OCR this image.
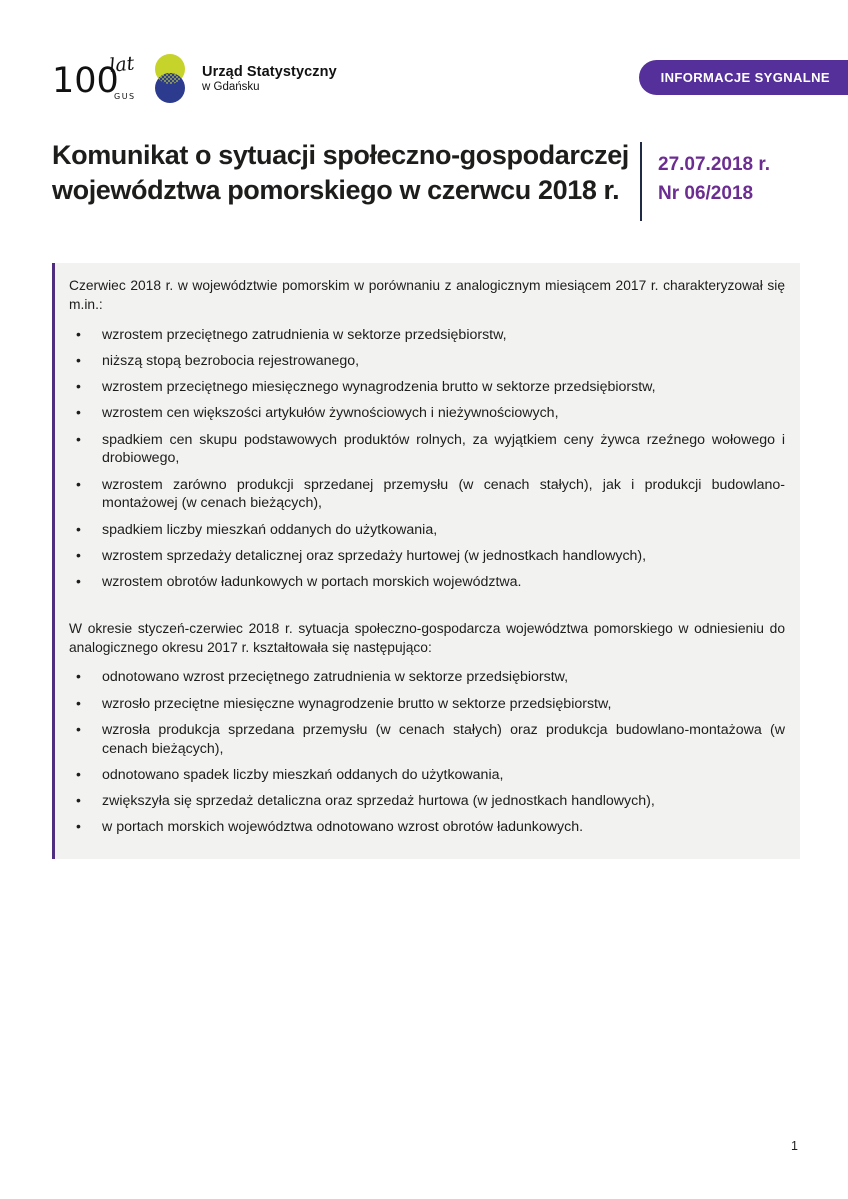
100
lat
GUS
Urząd Statystyczny
w Gdańsku
INFORMACJE SYGNALNE
Komunikat o sytuacji społeczno-gospodarczej
województwa pomorskiego w czerwcu 2018 r.
27.07.2018 r.
Nr 06/2018

Czerwiec 2018 r. w województwie pomorskim w porównaniu z analogicznym miesiącem 2017 r. charakteryzował się m.in.:

• wzrostem przeciętnego zatrudnienia w sektorze przedsiębiorstw,
• niższą stopą bezrobocia rejestrowanego,
• wzrostem przeciętnego miesięcznego wynagrodzenia brutto w sektorze przedsiębiorstw,
• wzrostem cen większości artykułów żywnościowych i nieżywnościowych,
• spadkiem cen skupu podstawowych produktów rolnych, za wyjątkiem ceny żywca rzeźnego wołowego i drobiowego,
• wzrostem zarówno produkcji sprzedanej przemysłu (w cenach stałych), jak i produkcji budowlano-montażowej (w cenach bieżących),
• spadkiem liczby mieszkań oddanych do użytkowania,
• wzrostem sprzedaży detalicznej oraz sprzedaży hurtowej (w jednostkach handlowych),
• wzrostem obrotów ładunkowych w portach morskich województwa.

W okresie styczeń-czerwiec 2018 r. sytuacja społeczno-gospodarcza województwa pomorskiego w odniesieniu do analogicznego okresu 2017 r. kształtowała się następująco:

• odnotowano wzrost przeciętnego zatrudnienia w sektorze przedsiębiorstw,
• wzrosło przeciętne miesięczne wynagrodzenie brutto w sektorze przedsiębiorstw,
• wzrosła produkcja sprzedana przemysłu (w cenach stałych) oraz produkcja budowlano-montażowa (w cenach bieżących),
• odnotowano spadek liczby mieszkań oddanych do użytkowania,
• zwiększyła się sprzedaż detaliczna oraz sprzedaż hurtowa (w jednostkach handlowych),
• w portach morskich województwa odnotowano wzrost obrotów ładunkowych.
1
